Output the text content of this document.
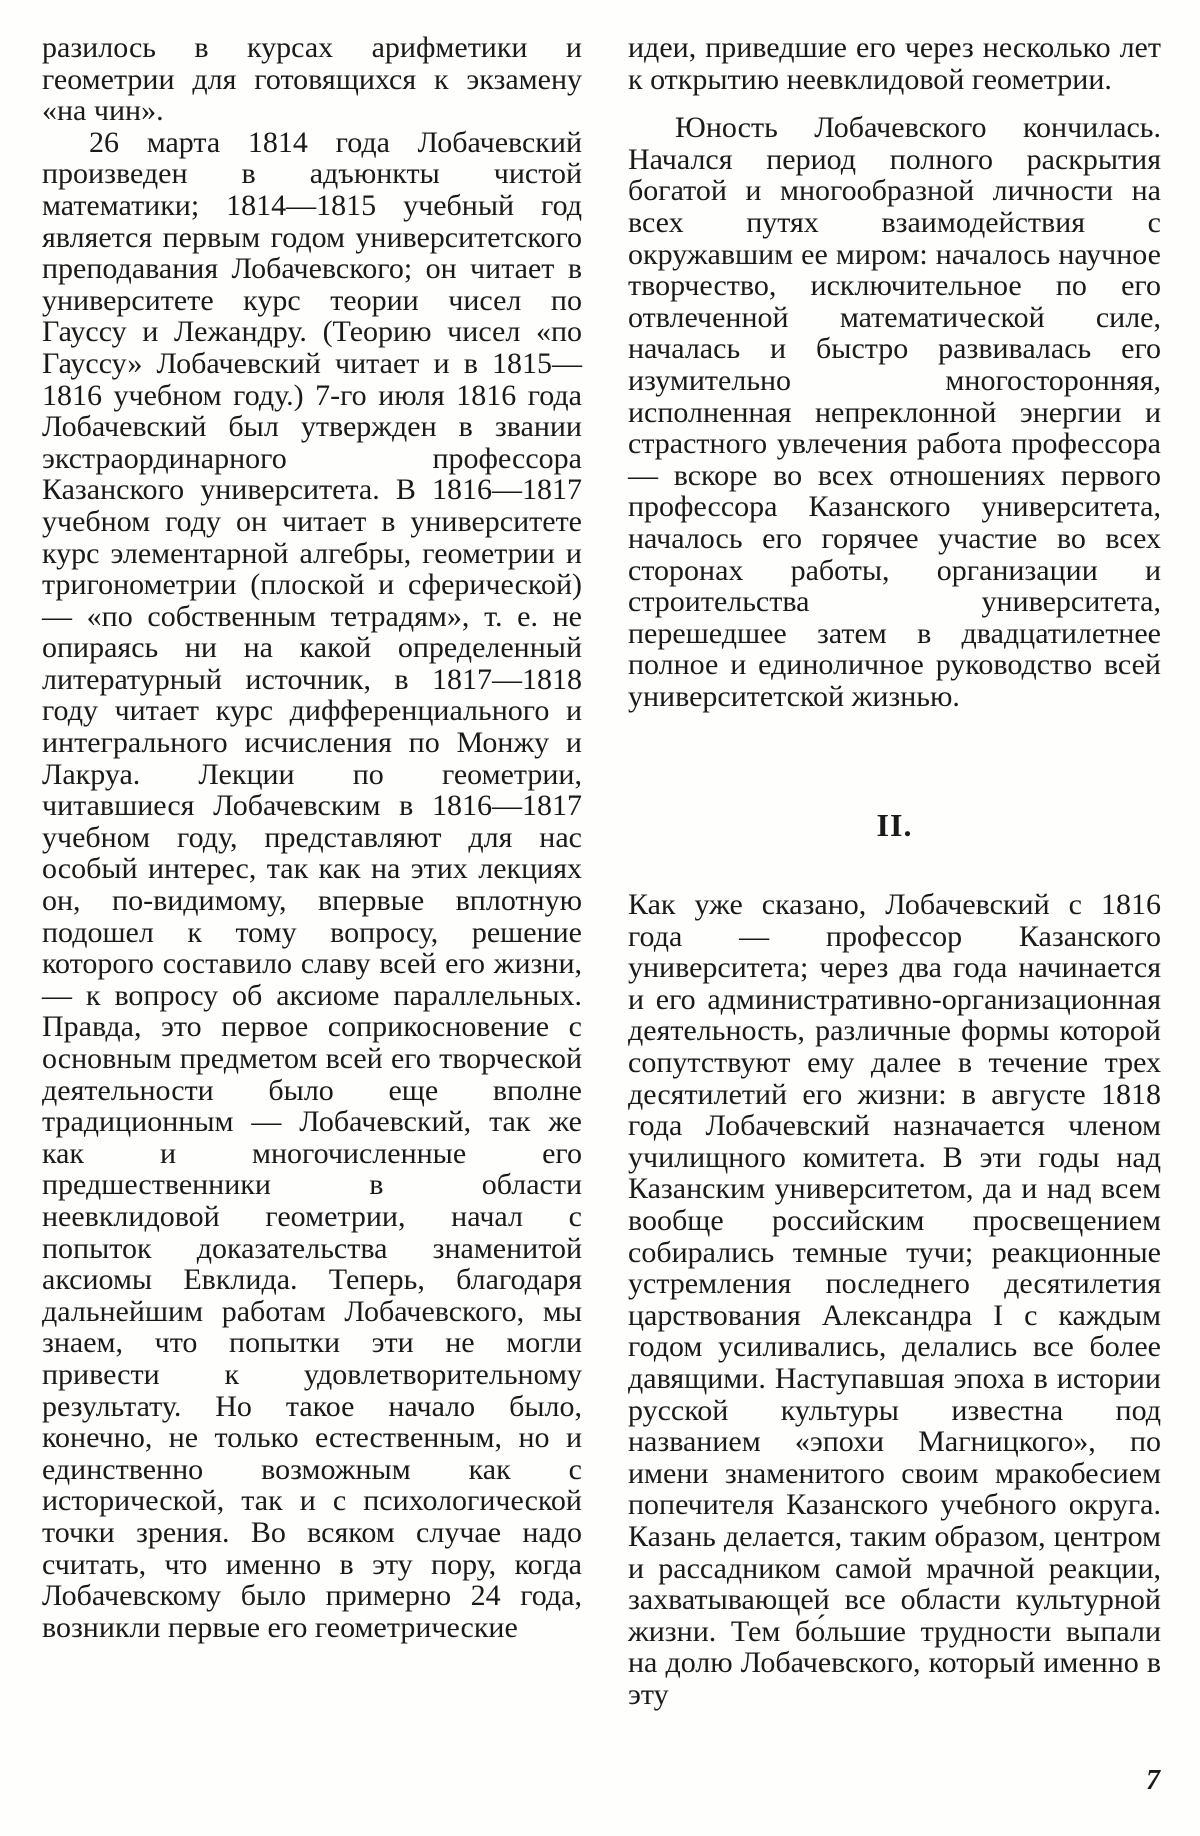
разилось в курсах арифметики и геометрии для готовящихся к экзамену «на чин».

26 марта 1814 года Лобачевский произведен в адъюнкты чистой математики; 1814—1815 учебный год является первым годом университетского преподавания Лобачевского; он читает в университете курс теории чисел по Гауссу и Лежандру. (Теорию чисел «по Гауссу» Лобачевский читает и в 1815—1816 учебном году.) 7-го июля 1816 года Лобачевский был утвержден в звании экстраординарного профессора Казанского университета. В 1816—1817 учебном году он читает в университете курс элементарной алгебры, геометрии и тригонометрии (плоской и сферической) — «по собственным тетрадям», т. е. не опираясь ни на какой определенный литературный источник, в 1817—1818 году читает курс дифференциального и интегрального исчисления по Монжу и Лакруа. Лекции по геометрии, читавшиеся Лобачевским в 1816—1817 учебном году, представляют для нас особый интерес, так как на этих лекциях он, по-видимому, впервые вплотную подошел к тому вопросу, решение которого составило славу всей его жизни,— к вопросу об аксиоме параллельных. Правда, это первое соприкосновение с основным предметом всей его творческой деятельности было еще вполне традиционным — Лобачевский, так же как и многочисленные его предшественники в области неевклидовой геометрии, начал с попыток доказательства знаменитой аксиомы Евклида. Теперь, благодаря дальнейшим работам Лобачевского, мы знаем, что попытки эти не могли привести к удовлетворительному результату. Но такое начало было, конечно, не только естественным, но и единственно возможным как с исторической, так и с психологической точки зрения. Во всяком случае надо считать, что именно в эту пору, когда Лобачевскому было примерно 24 года, возникли первые его геометрические

идеи, приведшие его через несколько лет к открытию неевклидовой геометрии.

Юность Лобачевского кончилась. Начался период полного раскрытия богатой и многообразной личности на всех путях взаимодействия с окружавшим ее миром: началось научное творчество, исключительное по его отвлеченной математической силе, началась и быстро развивалась его изумительно многосторонняя, исполненная непреклонной энергии и страстного увлечения работа профессора — вскоре во всех отношениях первого профессора Казанского университета, началось его горячее участие во всех сторонах работы, организации и строительства университета, перешедшее затем в двадцатилетнее полное и единоличное руководство всей университетской жизнью.

II.

Как уже сказано, Лобачевский с 1816 года — профессор Казанского университета; через два года начинается и его административно-организационная деятельность, различные формы которой сопутствуют ему далее в течение трех десятилетий его жизни: в августе 1818 года Лобачевский назначается членом училищного комитета. В эти годы над Казанским университетом, да и над всем вообще российским просвещением собирались темные тучи; реакционные устремления последнего десятилетия царствования Александра I с каждым годом усиливались, делались все более давящими. Наступавшая эпоха в истории русской культуры известна под названием «эпохи Магницкого», по имени знаменитого своим мракобесием попечителя Казанского учебного округа. Казань делается, таким образом, центром и рассадником самой мрачной реакции, захватывающей все области культурной жизни. Тем бо́льшие трудности выпали на долю Лобачевского, который именно в эту

7
